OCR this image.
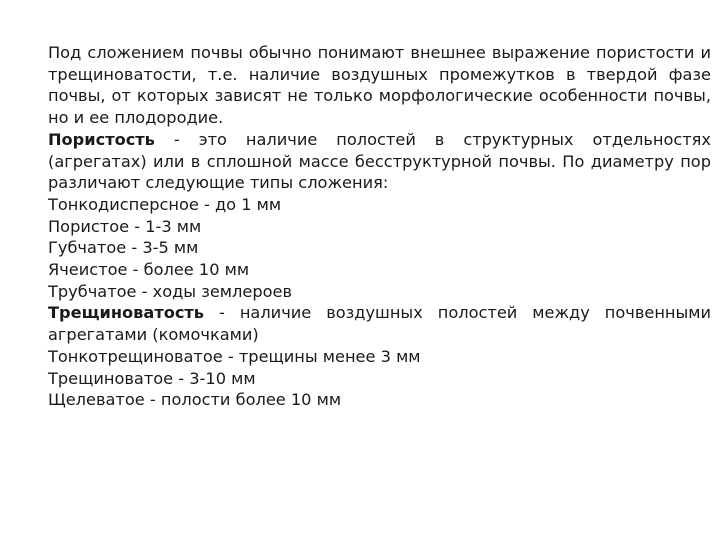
Под сложением почвы обычно понимают внешнее выражение пористости и трещиноватости, т.е. наличие воздушных промежутков в твердой фазе почвы, от которых зависят не только морфологические особенности почвы, но и ее плодородие.

Пористость - это наличие полостей в структурных отдельностях (агрегатах) или в сплошной массе бесструктурной почвы. По диаметру пор различают следующие типы сложения:

Тонкодисперсное - до 1 мм

Пористое - 1-3 мм

Губчатое - 3-5 мм

Ячеистое - более 10 мм

Трубчатое - ходы землероев

Трещиноватость - наличие воздушных полостей между почвенными агрегатами (комочками)

Тонкотрещиноватое - трещины менее 3 мм

Трещиноватое - 3-10 мм

Щелеватое - полости более 10 мм
